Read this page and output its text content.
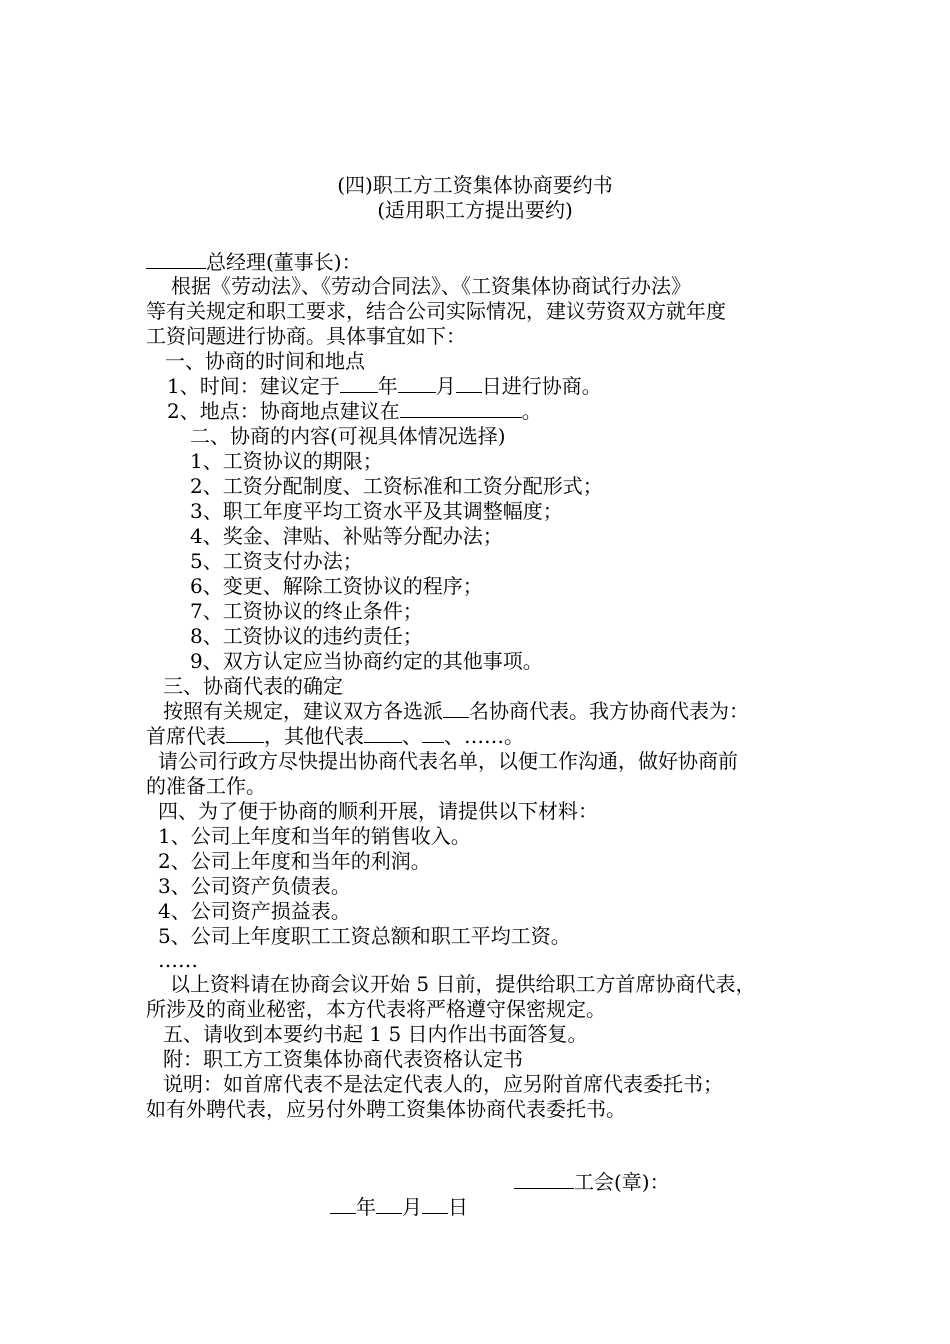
(四)职工方工资集体协商要约书
(适用职工方提出要约)
总经理(董事长)：
根据《劳动法》、《劳动合同法》、《工资集体协商试行办法》
等有关规定和职工要求，结合公司实际情况，建议劳资双方就年度
工资问题进行协商。具体事宜如下：
一、协商的时间和地点
1、时间：建议定于 年 月 日进行协商。
2、地点：协商地点建议在	。
二、协商的内容(可视具体情况选择)
1、工资协议的期限；
2、工资分配制度、工资标准和工资分配形式；
3、职工年度平均工资水平及其调整幅度；
4、奖金、津贴、补贴等分配办法；
5、工资支付办法；
6、变更、解除工资协议的程序；
7、工资协议的终止条件；
8、工资协议的违约责任；
9、双方认定应当协商约定的其他事项。
三、协商代表的确定
按照有关规定，建议双方各选派 名协商代表。我方协商代表为：
首席代表 ，其他代表 、 、……。
请公司行政方尽快提出协商代表名单，以便工作沟通，做好协商前
的准备工作。
四、为了便于协商的顺利开展，请提供以下材料：
1、公司上年度和当年的销售收入。
2、公司上年度和当年的利润。
3、公司资产负债表。
4、公司资产损益表。
5、公司上年度职工工资总额和职工平均工资。
……
以上资料请在协商会议开始 5 日前，提供给职工方首席协商代表，
所涉及的商业秘密，本方代表将严格遵守保密规定。
五、请收到本要约书起 1 5 日内作出书面答复。
附：职工方工资集体协商代表资格认定书
说明：如首席代表不是法定代表人的，应另附首席代表委托书；
如有外聘代表，应另付外聘工资集体协商代表委托书。
工会(章)：
年 月 日
